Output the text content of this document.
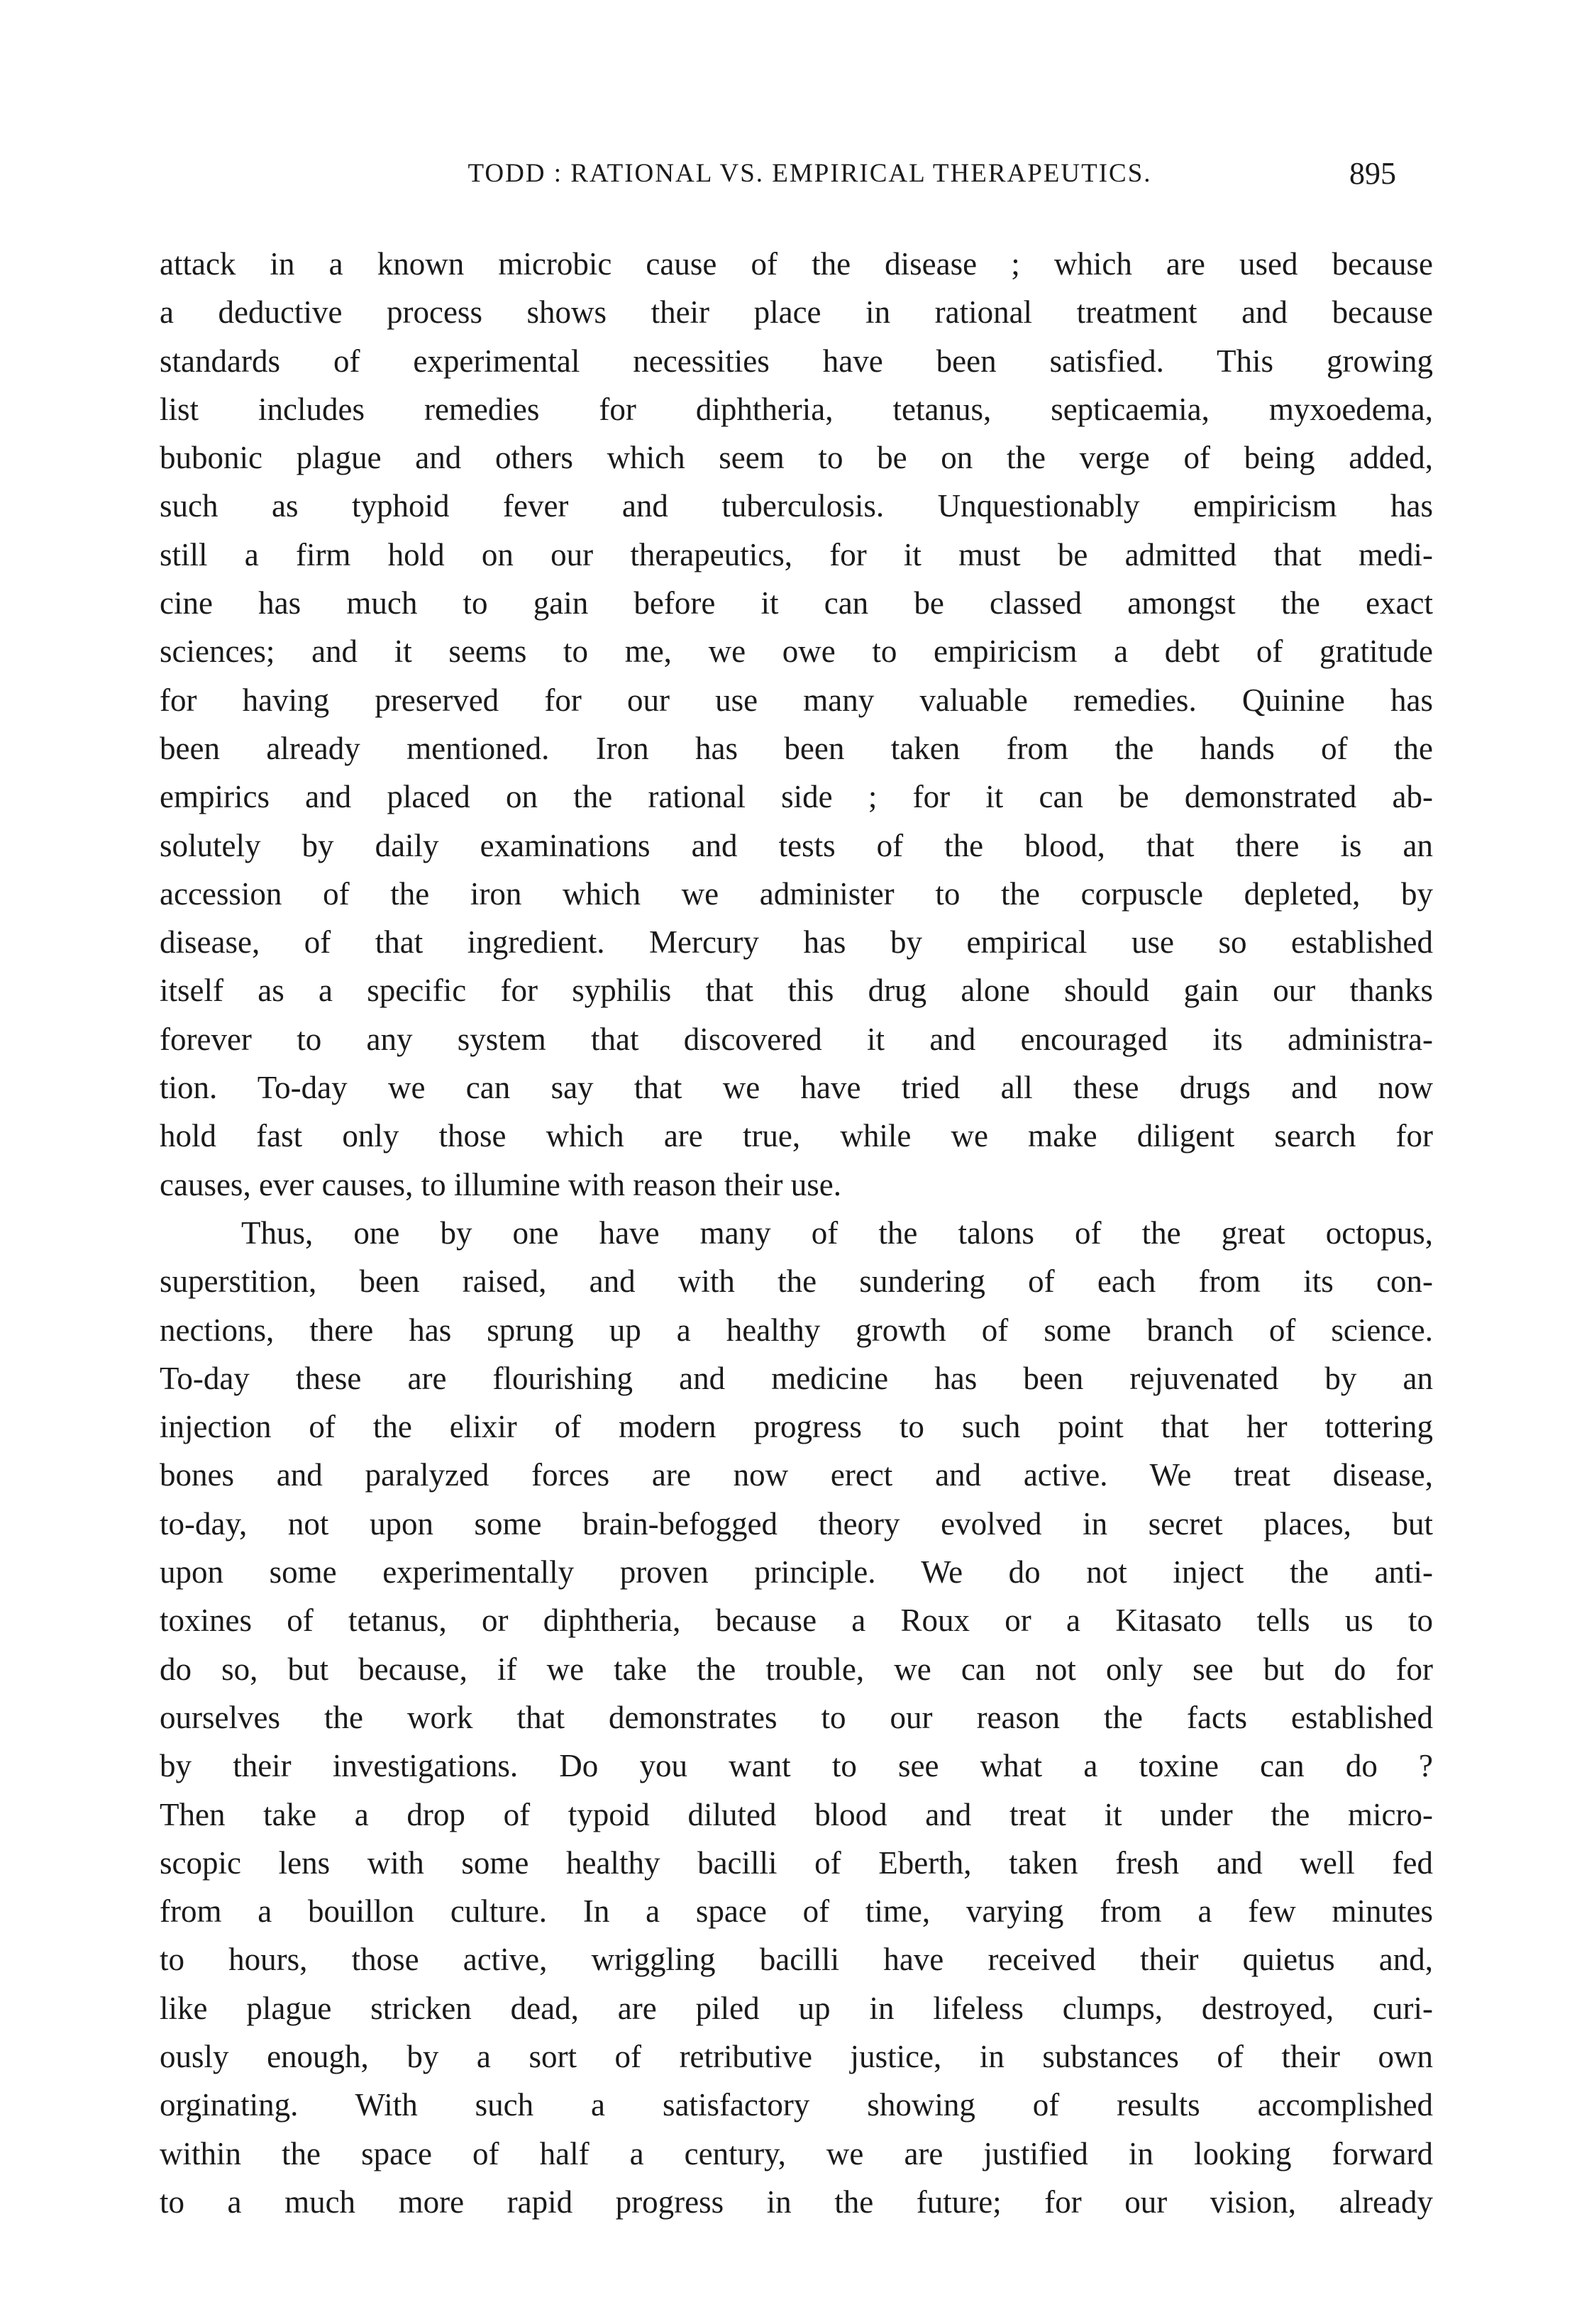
TODD : RATIONAL VS. EMPIRICAL THERAPEUTICS.	895
attack in a known microbic cause of the disease ; which are used because
a deductive process shows their place in rational treatment and because
standards of experimental necessities have been satisfied. This growing
list includes remedies for diphtheria, tetanus, septicaemia, myxoedema,
bubonic plague and others which seem to be on the verge of being added,
such as typhoid fever and tuberculosis. Unquestionably empiricism has
still a firm hold on our therapeutics, for it must be admitted that medi-
cine has much to gain before it can be classed amongst the exact
sciences; and it seems to me, we owe to empiricism a debt of gratitude
for having preserved for our use many valuable remedies. Quinine has
been already mentioned. Iron has been taken from the hands of the
empirics and placed on the rational side ; for it can be demonstrated ab-
solutely by daily examinations and tests of the blood, that there is an
accession of the iron which we administer to the corpuscle depleted, by
disease, of that ingredient. Mercury has by empirical use so established
itself as a specific for syphilis that this drug alone should gain our thanks
forever to any system that discovered it and encouraged its administra-
tion. To-day we can say that we have tried all these drugs and now
hold fast only those which are true, while we make diligent search for
causes, ever causes, to illumine with reason their use.
Thus, one by one have many of the talons of the great octopus,
superstition, been raised, and with the sundering of each from its con-
nections, there has sprung up a healthy growth of some branch of science.
To-day these are flourishing and medicine has been rejuvenated by an
injection of the elixir of modern progress to such point that her tottering
bones and paralyzed forces are now erect and active. We treat disease,
to-day, not upon some brain-befogged theory evolved in secret places, but
upon some experimentally proven principle. We do not inject the anti-
toxines of tetanus, or diphtheria, because a Roux or a Kitasato tells us to
do so, but because, if we take the trouble, we can not only see but do for
ourselves the work that demonstrates to our reason the facts established
by their investigations. Do you want to see what a toxine can do ?
Then take a drop of typoid diluted blood and treat it under the micro-
scopic lens with some healthy bacilli of Eberth, taken fresh and well fed
from a bouillon culture. In a space of time, varying from a few minutes
to hours, those active, wriggling bacilli have received their quietus and,
like plague stricken dead, are piled up in lifeless clumps, destroyed, curi-
ously enough, by a sort of retributive justice, in substances of their own
orginating. With such a satisfactory showing of results accomplished
within the space of half a century, we are justified in looking forward
to a much more rapid progress in the future; for our vision, already
